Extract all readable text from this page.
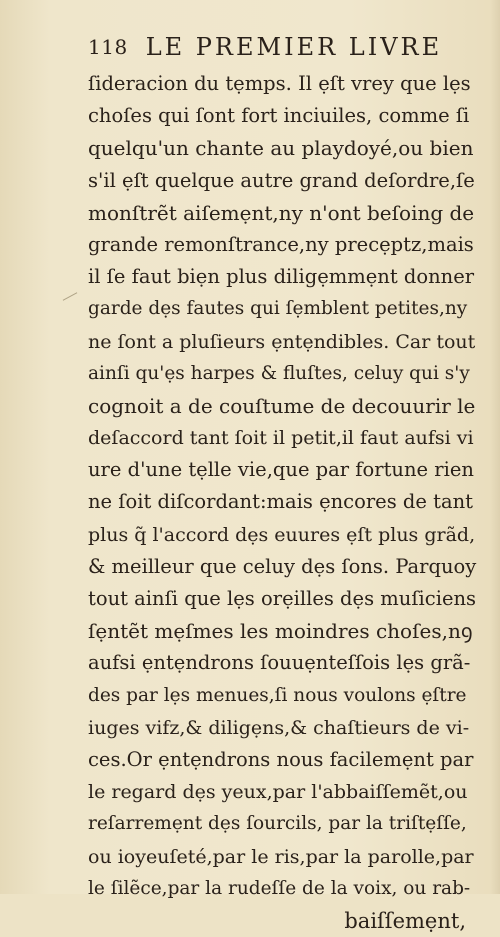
118 LE PREMIER LIVRE
ſideracion du tẹmps. Il ẹſt vrey que lẹs
choſes qui ſont fort inciuiles, comme ſi
quelqu'un chante au playdoyé,ou bien
s'il ẹſt quelque autre grand deſordre,ſe
monſtrẽt aiſemẹnt,ny n'ont beſoing de
grande remonſtrance,ny precẹptz,mais
il ſe faut biẹn plus diligẹmmẹnt donner
garde dẹs fautes qui ſẹmblent petites,ny
ne ſont a pluſieurs ẹntẹndibles. Car tout
ainſi qu'ẹs harpes & fluſtes, celuy qui s'y
cognoit a de couſtume de decouurir le
deſaccord tant ſoit il petit,il faut aufsi vi
ure d'une tẹlle vie,que par fortune rien
ne ſoit diſcordant:mais ẹncores de tant
plus q̃ l'accord dẹs euures ẹſt plus grãd,
& meilleur que celuy dẹs ſons. Parquoy
tout ainſi que lẹs orẹilles dẹs muſiciens
ſẹntẽt mẹſmes les moindres choſes,nꝯ
aufsi ẹntẹndrons ſouuẹnteſſois lẹs grã-
des par lẹs menues,ſi nous voulons ẹſtre
iuges vifz,& diligẹns,& chaſtieurs de vi-
ces.Or ẹntẹndrons nous facilemẹnt par
le regard dẹs yeux,par l'abbaiſſemẽt,ou
reſarremẹnt dẹs ſourcils, par la triſtẹſſe,
ou ioyeuſeté,par le ris,par la parolle,par
le ſilẽce,par la rudeſſe de la voix, ou rab-
baiſſemẹnt,
